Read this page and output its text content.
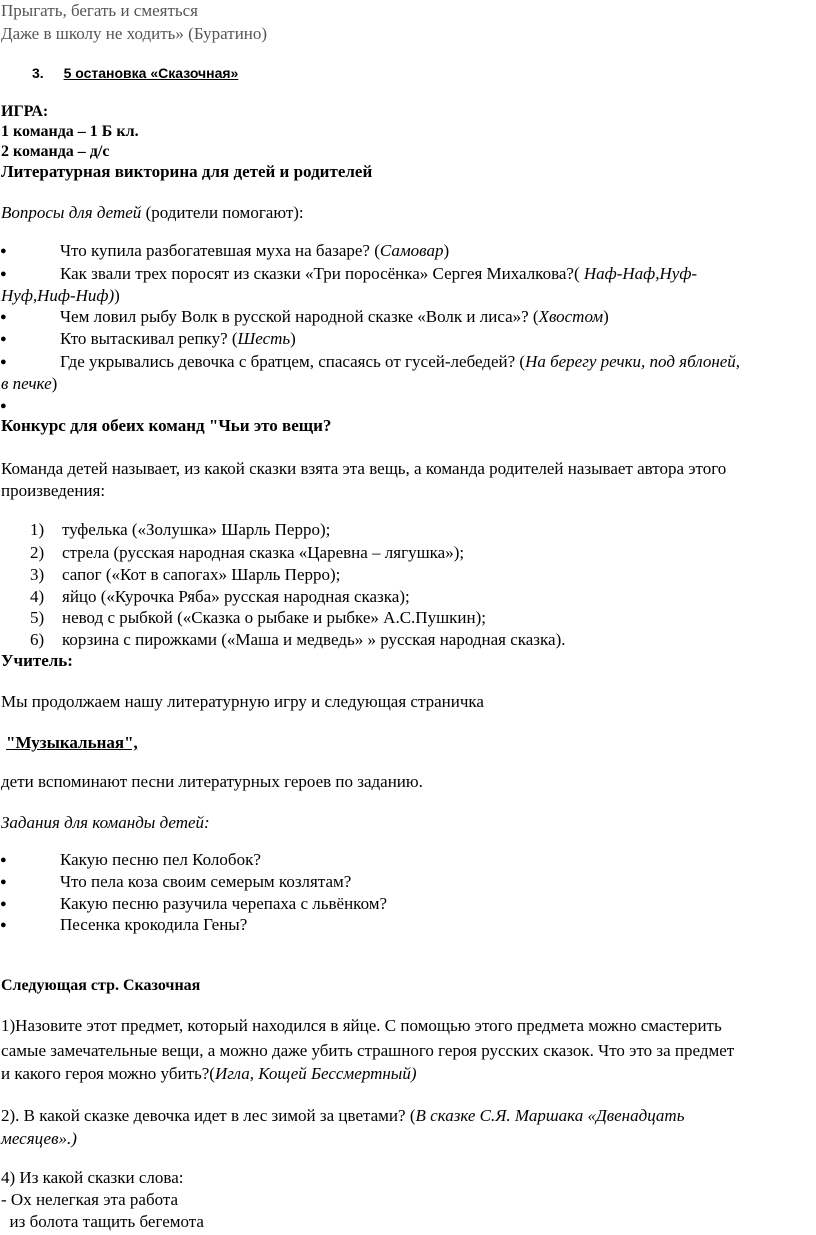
Прыгать, бегать и смеяться
Даже в школу не ходить» (Буратино)
3. 5 остановка «Сказочная»
ИГРА:
1 команда – 1 Б кл.
2 команда – д/с
Литературная викторина для детей и родителей
Вопросы для детей (родители помогают):
●	Что купила разбогатевшая муха на базаре? (Самовар)
●	Как звали трех поросят из сказки «Три поросёнка» Сергея Михалкова?( Наф-Наф,Нуф-
Нуф,Ниф-Ниф))
●	Чем ловил рыбу Волк в русской народной сказке «Волк и лиса»? (Хвостом)
●	Кто вытаскивал репку? (Шесть)
●	Где укрывались девочка с братцем, спасаясь от гусей-лебедей? (На берегу речки, под яблоней,
в печке)
●
Конкурс для обеих команд "Чьи это вещи?
Команда детей называет, из какой сказки взята эта вещь, а команда родителей называет автора этого
произведения:
1) туфелька («Золушка» Шарль Перро);
2) стрела (русская народная сказка «Царевна – лягушка»);
3) сапог («Кот в сапогах» Шарль Перро);
4) яйцо («Курочка Ряба» русская народная сказка);
5) невод с рыбкой («Сказка о рыбаке и рыбке» А.С.Пушкин);
6) корзина с пирожками («Маша и медведь» » русская народная сказка).
Учитель:
Мы продолжаем нашу литературную игру и следующая страничка
"Музыкальная",
дети вспоминают песни литературных героев по заданию.
Задания для команды детей:
●	Какую песню пел Колобок?
●	Что пела коза своим семерым козлятам?
●	Какую песню разучила черепаха с львёнком?
●	Песенка крокодила Гены?
Следующая стр. Сказочная
1)Назовите этот предмет, который находился в яйце. С помощью этого предмета можно смастерить
самые замечательные вещи, а можно даже убить страшного героя русских сказок. Что это за предмет
и какого героя можно убить?(Игла, Кощей Бессмертный)
2). В какой сказке девочка идет в лес зимой за цветами? (В сказке С.Я. Маршака «Двенадцать
месяцев».)
4) Из какой сказки слова:
- Ох нелегкая эта работа
из болота тащить бегемота
